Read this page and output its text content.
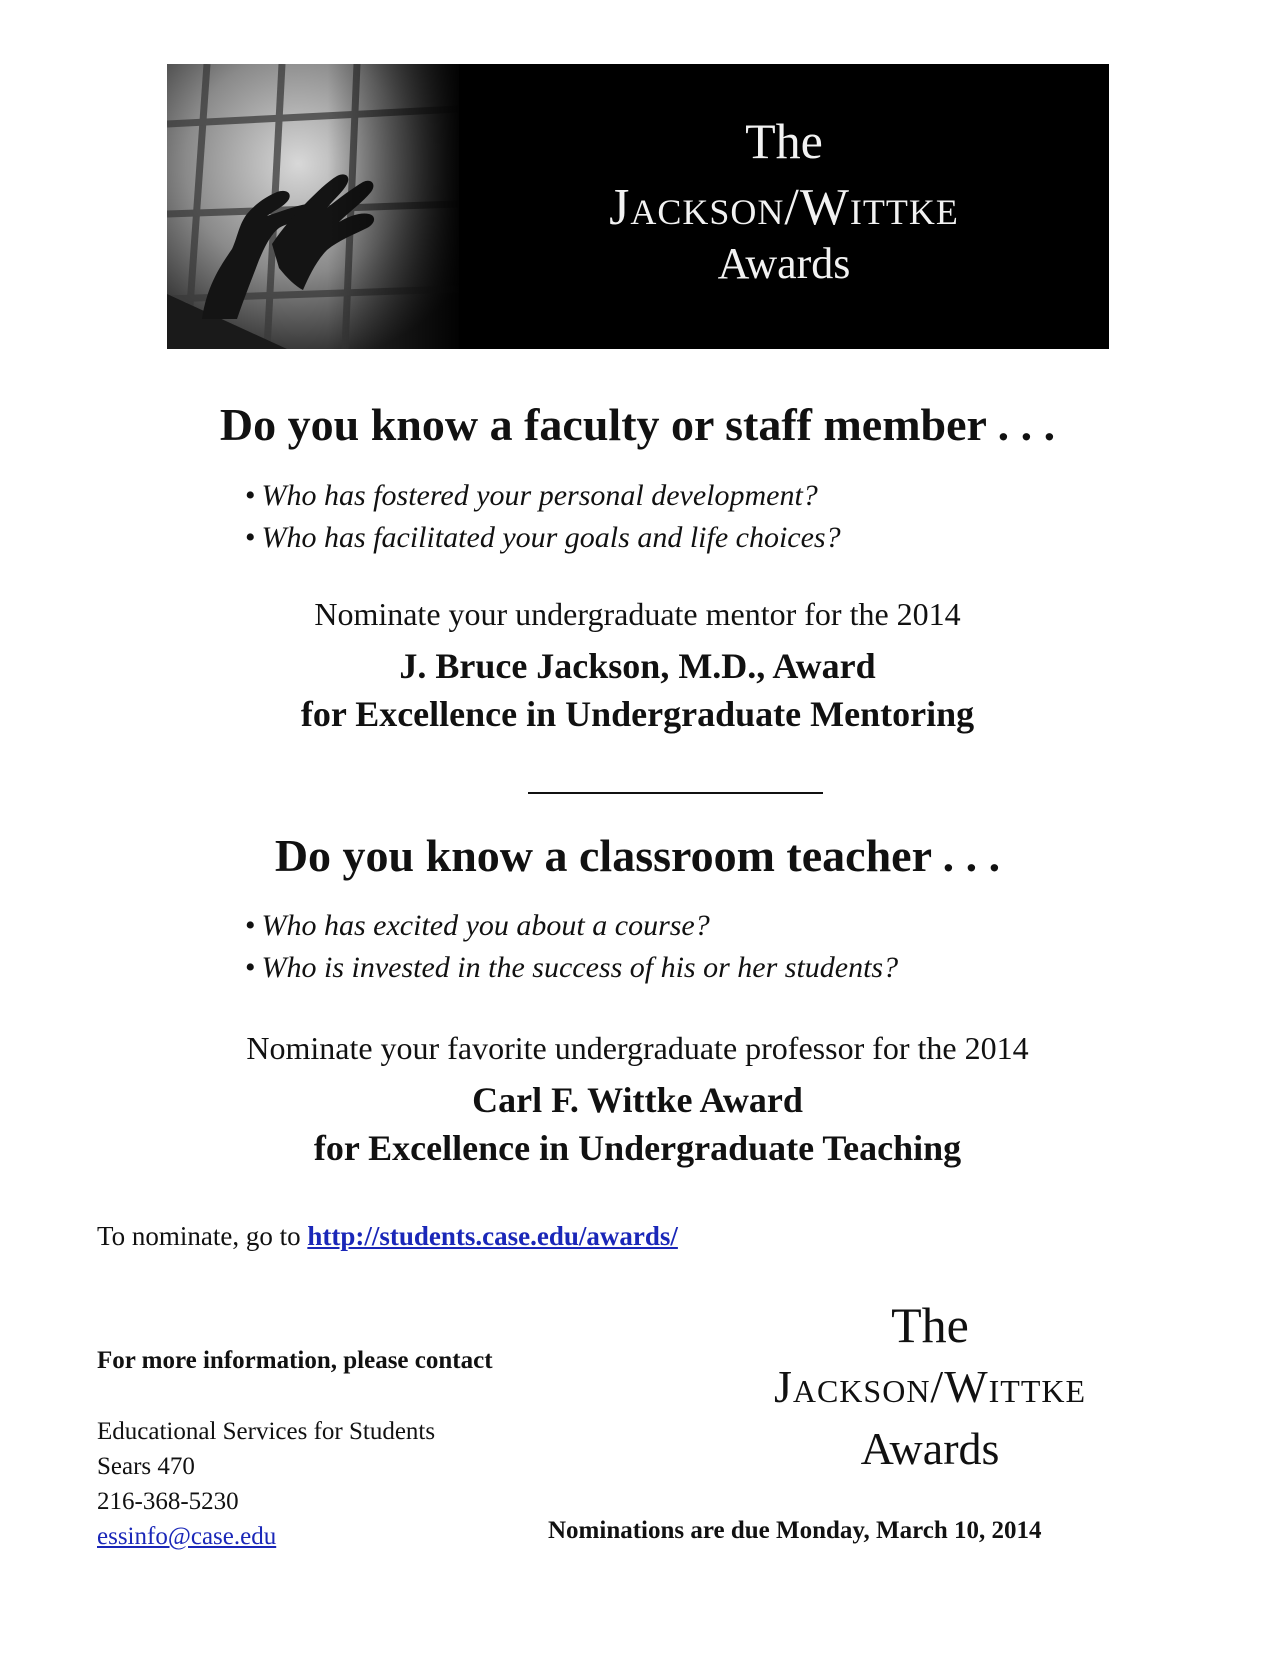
The
Jackson/Wittke
Awards
Do you know a faculty or staff member . . .
• Who has fostered your personal development?
• Who has facilitated your goals and life choices?
Nominate your undergraduate mentor for the 2014
J. Bruce Jackson, M.D., Award
for Excellence in Undergraduate Mentoring
Do you know a classroom teacher . . .
• Who has excited you about a course?
• Who is invested in the success of his or her students?
Nominate your favorite undergraduate professor for the 2014
Carl F. Wittke Award
for Excellence in Undergraduate Teaching
To nominate, go to http://students.case.edu/awards/
For more information, please contact
Educational Services for Students
Sears 470
216-368-5230
essinfo@case.edu
The
Jackson/Wittke
Awards
Nominations are due Monday, March 10, 2014
